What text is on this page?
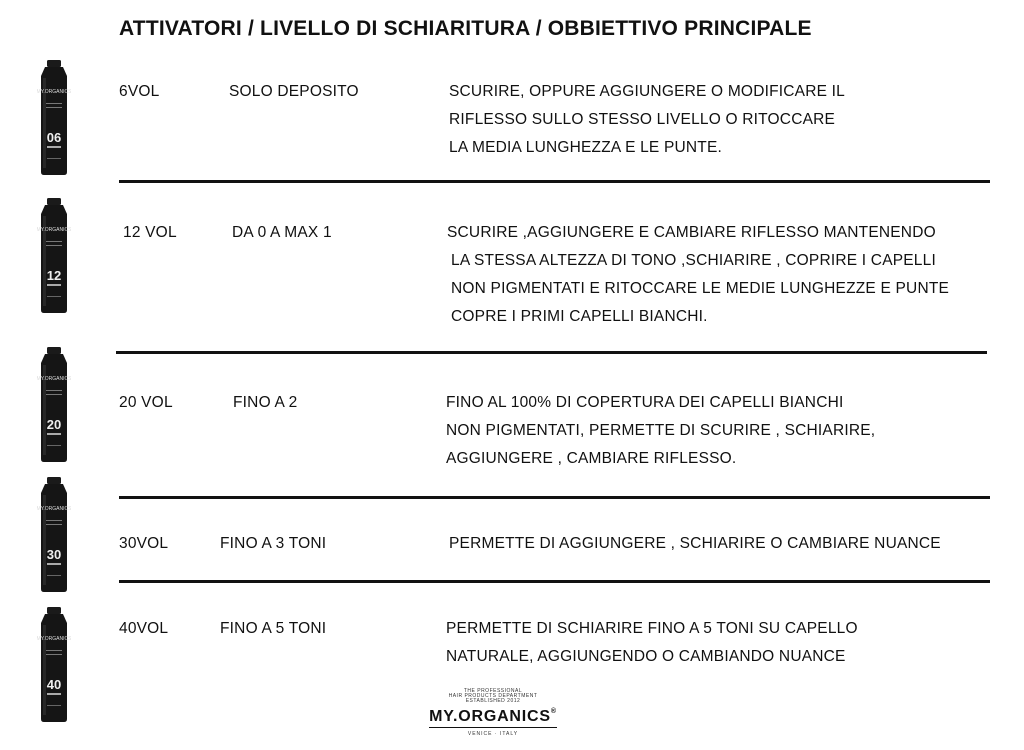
ATTIVATORI / LIVELLO DI SCHIARITURA / OBBIETTIVO PRINCIPALE
MY.ORGANICS
06
6VOL	SOLO DEPOSITO	SCURIRE, OPPURE AGGIUNGERE O MODIFICARE IL
RIFLESSO SULLO STESSO LIVELLO O RITOCCARE
LA MEDIA LUNGHEZZA E LE PUNTE.
MY.ORGANICS
12
12 VOL	DA 0 A MAX 1	SCURIRE ,AGGIUNGERE E CAMBIARE RIFLESSO MANTENENDO
LA STESSA ALTEZZA DI TONO ,SCHIARIRE , COPRIRE I CAPELLI
NON PIGMENTATI E RITOCCARE LE MEDIE LUNGHEZZE E PUNTE
COPRE I PRIMI CAPELLI BIANCHI.
MY.ORGANICS
20
20 VOL	FINO A 2	FINO AL 100% DI COPERTURA DEI CAPELLI BIANCHI
NON PIGMENTATI, PERMETTE DI SCURIRE , SCHIARIRE,
AGGIUNGERE , CAMBIARE RIFLESSO.
MY.ORGANICS
30
30VOL	FINO A 3 TONI	PERMETTE DI AGGIUNGERE , SCHIARIRE O CAMBIARE NUANCE
MY.ORGANICS
40
40VOL	FINO A 5 TONI	PERMETTE DI SCHIARIRE FINO A 5 TONI SU CAPELLO
NATURALE, AGGIUNGENDO O CAMBIANDO NUANCE
THE PROFESSIONAL
HAIR PRODUCTS DEPARTMENT
ESTABLISHED 2012
MY.ORGANICS®
VENICE · ITALY
